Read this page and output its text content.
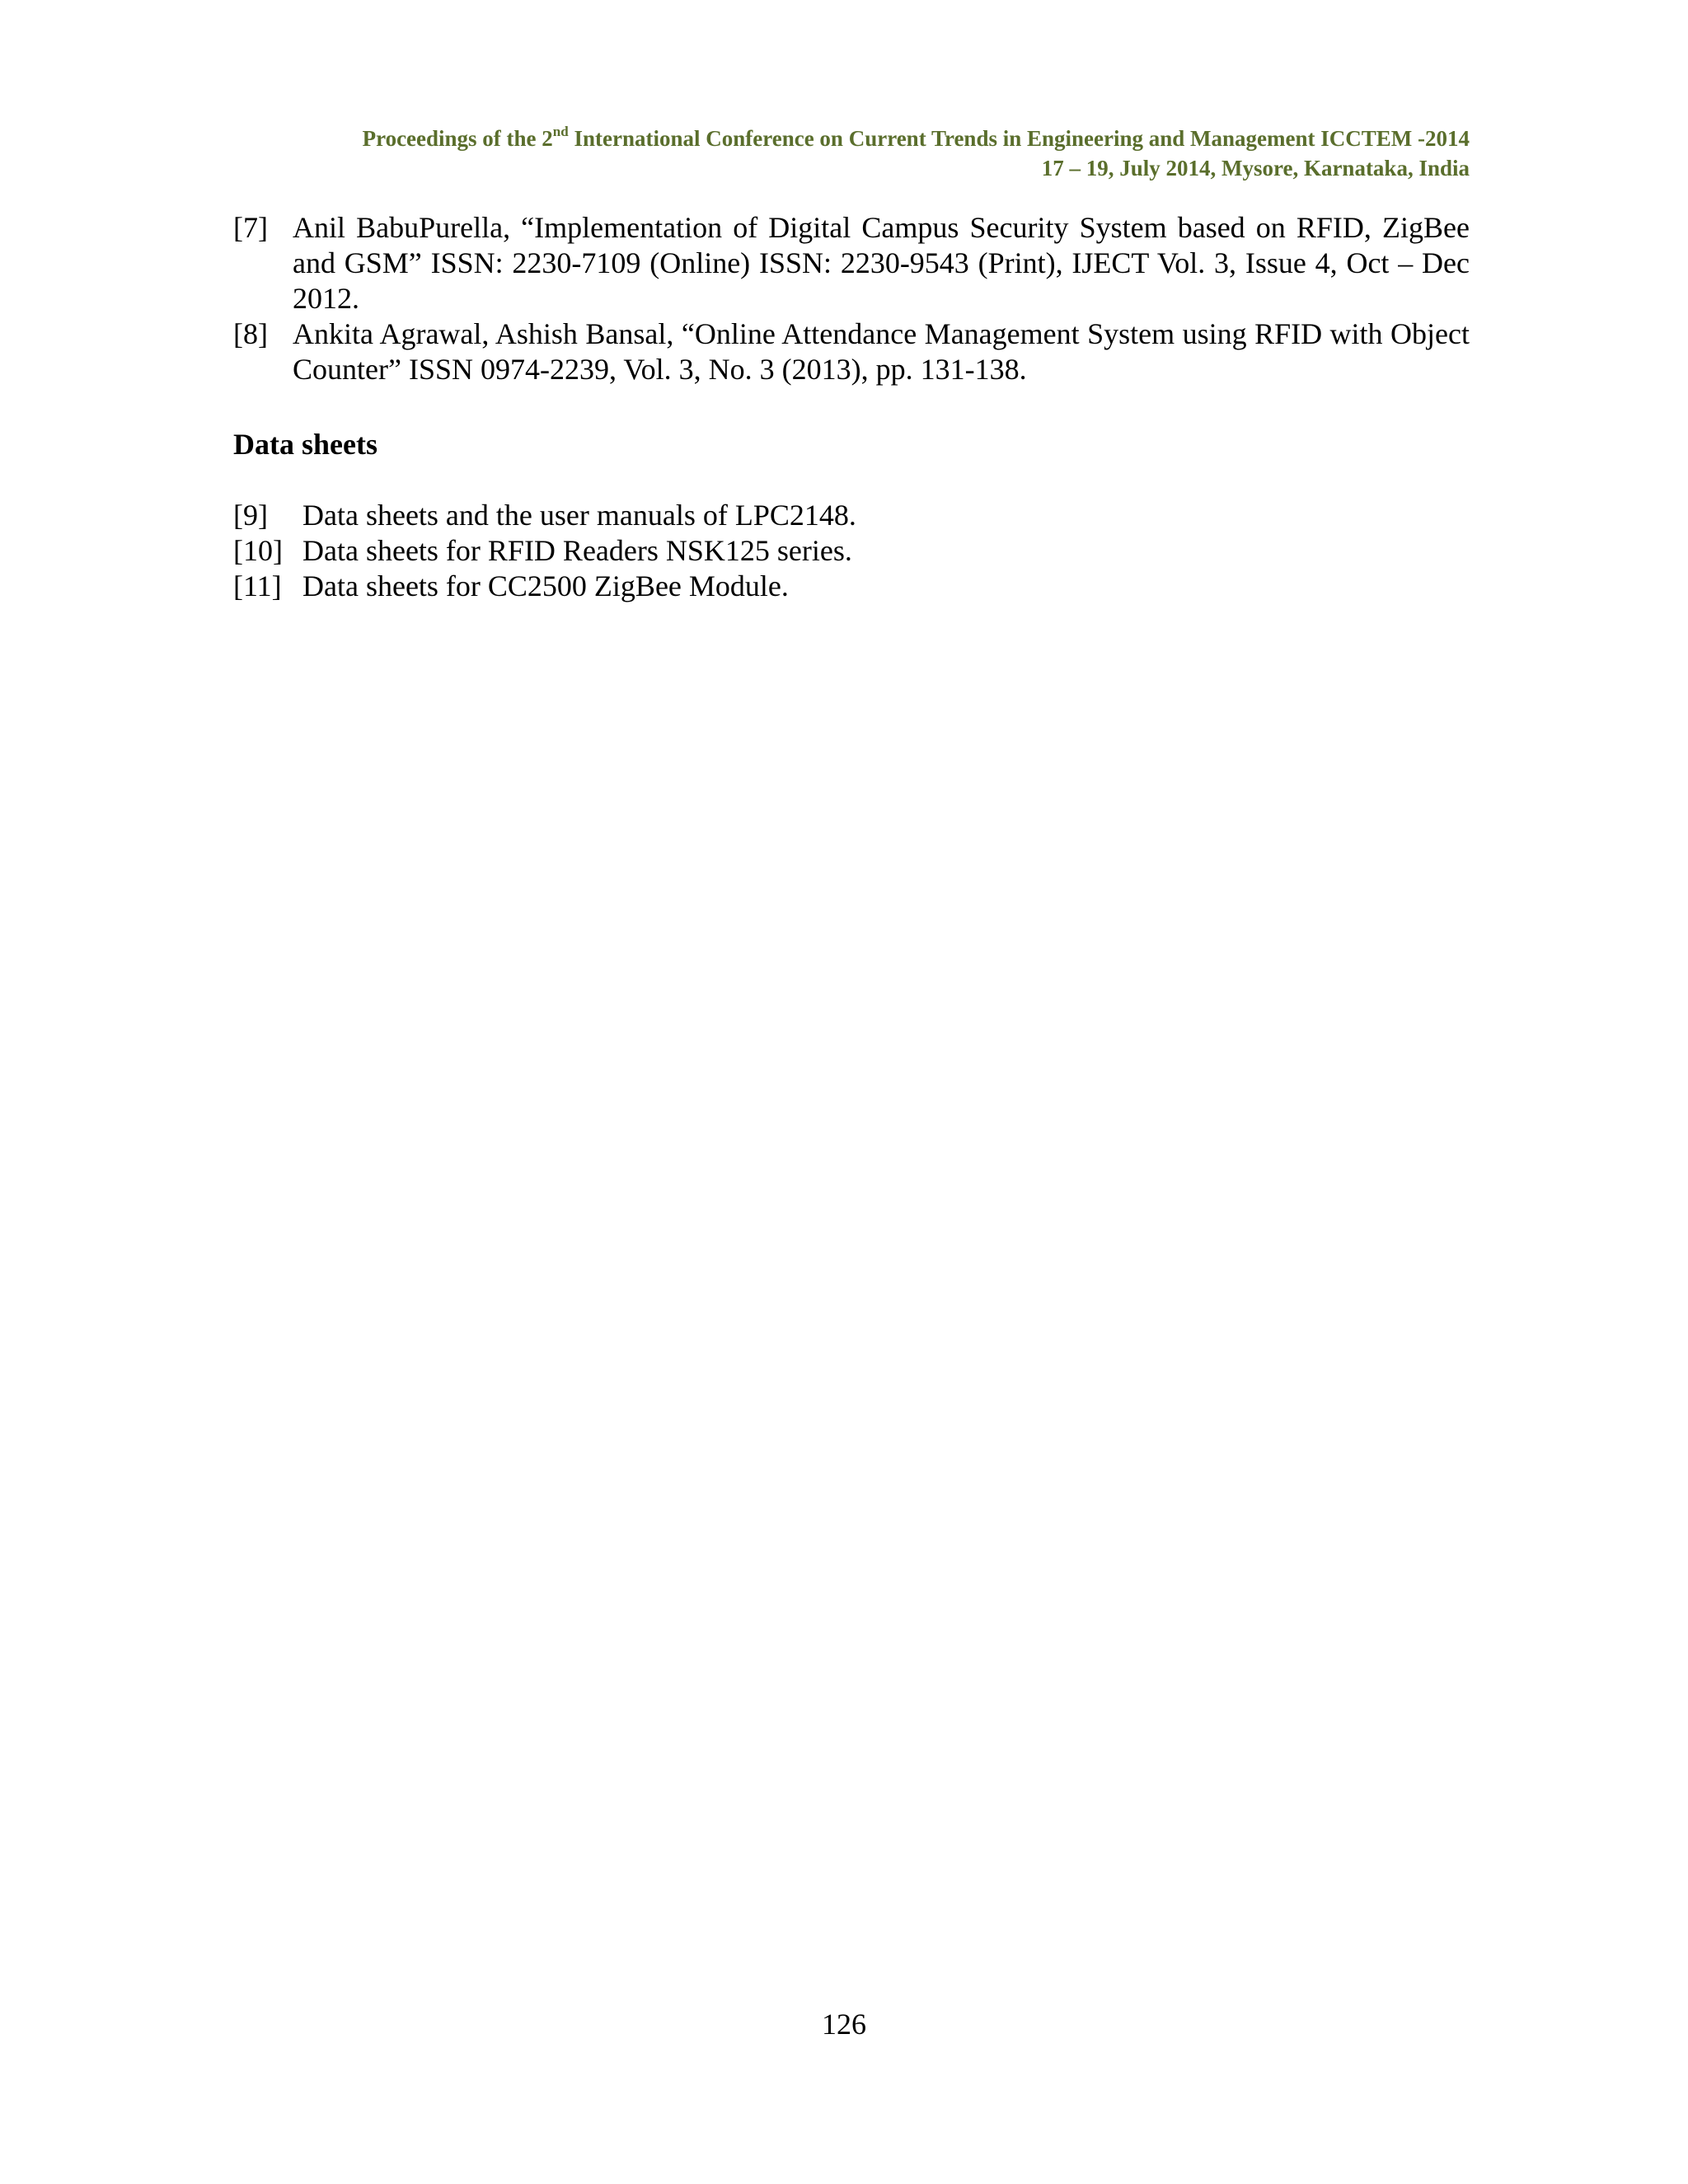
Proceedings of the 2nd International Conference on Current Trends in Engineering and Management ICCTEM -2014
17 – 19, July 2014, Mysore, Karnataka, India
[7] Anil BabuPurella, “Implementation of Digital Campus Security System based on RFID, ZigBee and GSM” ISSN: 2230-7109 (Online) ISSN: 2230-9543 (Print), IJECT Vol. 3, Issue 4, Oct – Dec 2012.
[8] Ankita Agrawal, Ashish Bansal, “Online Attendance Management System using RFID with Object Counter” ISSN 0974-2239, Vol. 3, No. 3 (2013), pp. 131-138.
Data sheets
[9]	Data sheets and the user manuals of LPC2148.
[10] Data sheets for RFID Readers NSK125 series.
[11] Data sheets for CC2500 ZigBee Module.
126
